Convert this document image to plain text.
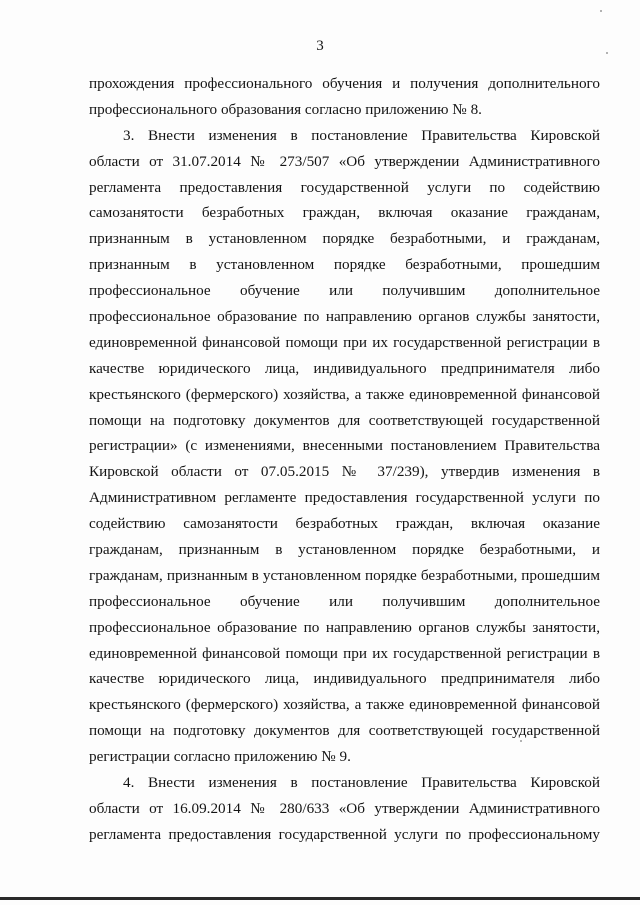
3
прохождения профессионального обучения и получения дополнительного
профессионального образования согласно приложению № 8.
3. Внести изменения в постановление Правительства Кировской
области от 31.07.2014 № 273/507 «Об утверждении Административного
регламента предоставления государственной услуги по содействию
самозанятости безработных граждан, включая оказание гражданам,
признанным в установленном порядке безработными, и гражданам,
признанным в установленном порядке безработными, прошедшим
профессиональное обучение или получившим дополнительное
профессиональное образование по направлению органов службы занятости,
единовременной финансовой помощи при их государственной регистрации в
качестве юридического лица, индивидуального предпринимателя либо
крестьянского (фермерского) хозяйства, а также единовременной финансовой
помощи на подготовку документов для соответствующей государственной
регистрации» (с изменениями, внесенными постановлением Правительства
Кировской области от 07.05.2015 № 37/239), утвердив изменения в
Административном регламенте предоставления государственной услуги по
содействию самозанятости безработных граждан, включая оказание
гражданам, признанным в установленном порядке безработными, и
гражданам, признанным в установленном порядке безработными, прошедшим
профессиональное обучение или получившим дополнительное
профессиональное образование по направлению органов службы занятости,
единовременной финансовой помощи при их государственной регистрации в
качестве юридического лица, индивидуального предпринимателя либо
крестьянского (фермерского) хозяйства, а также единовременной финансовой
помощи на подготовку документов для соответствующей государственной
регистрации согласно приложению № 9.
4. Внести изменения в постановление Правительства Кировской
области от 16.09.2014 № 280/633 «Об утверждении Административного
регламента предоставления государственной услуги по профессиональному
